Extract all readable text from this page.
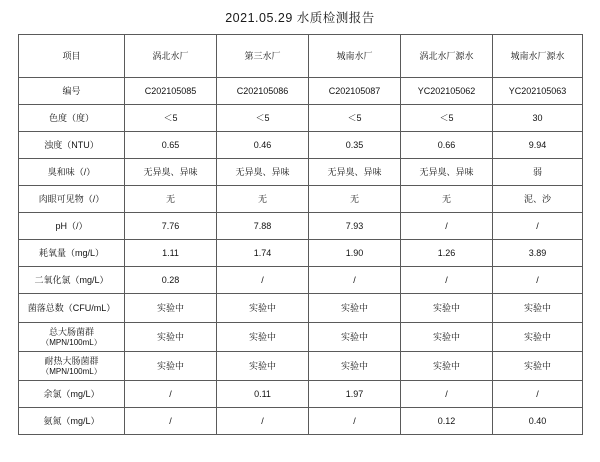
2021.05.29 水质检测报告
项目	涡北水厂	第三水厂	城南水厂	涡北水厂源水	城南水厂源水
编号	C202105085	C202105086	C202105087	YC202105062	YC202105063
色度（度）	＜5	＜5	＜5	＜5	30
浊度（NTU）	0.65	0.46	0.35	0.66	9.94
臭和味（/）	无异臭、异味	无异臭、异味	无异臭、异味	无异臭、异味	弱
肉眼可见物（/）	无	无	无	无	泥、沙
pH（/）	7.76	7.88	7.93	/	/
耗氧量（mg/L）	1.11	1.74	1.90	1.26	3.89
二氧化氯（mg/L）	0.28	/	/	/	/
菌落总数（CFU/mL）	实验中	实验中	实验中	实验中	实验中
总大肠菌群
（MPN/100mL）	实验中	实验中	实验中	实验中	实验中
耐热大肠菌群
（MPN/100mL）	实验中	实验中	实验中	实验中	实验中
余氯（mg/L）	/	0.11	1.97	/	/
氨氮（mg/L）	/	/	/	0.12	0.40
